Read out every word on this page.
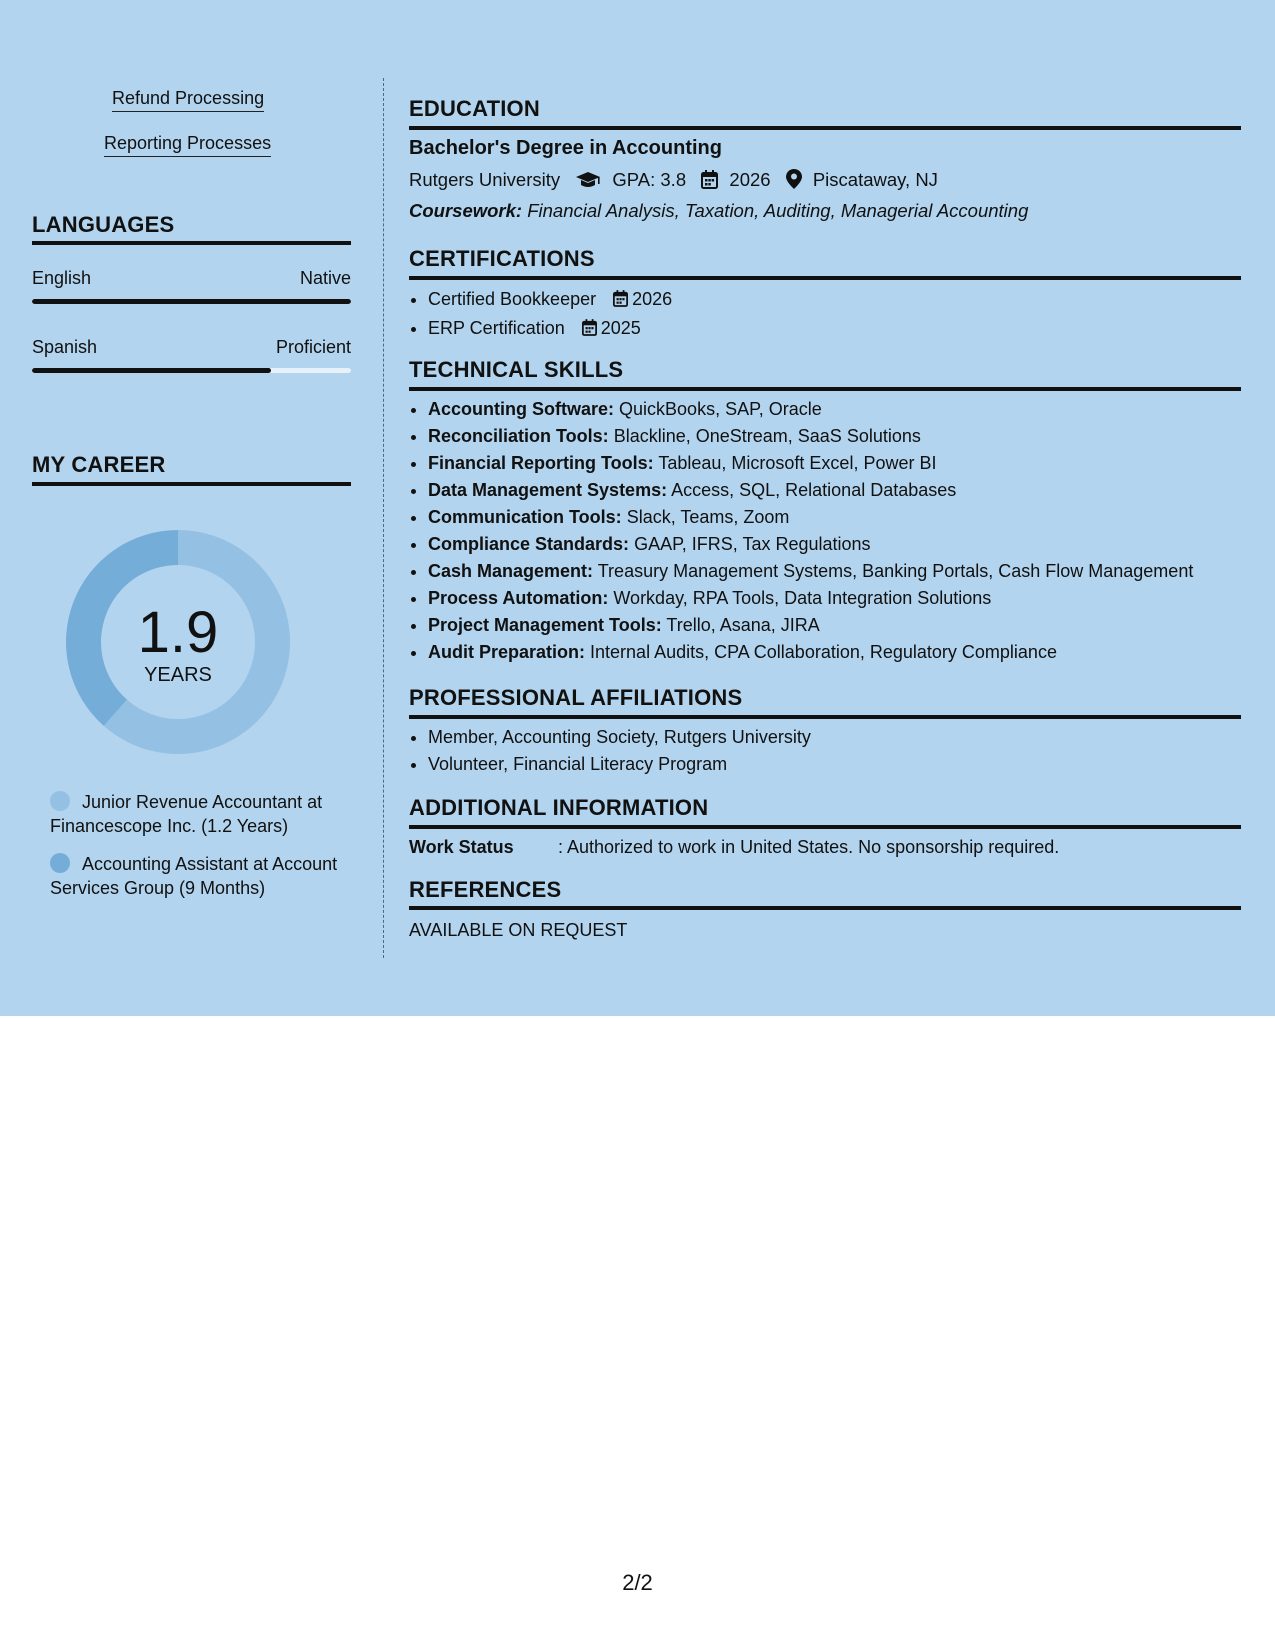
Refund Processing
Reporting Processes
LANGUAGES
English	Native
Spanish	Proficient
MY CAREER
1.9
YEARS
Junior Revenue Accountant at Financescope Inc. (1.2 Years)
Accounting Assistant at Account Services Group (9 Months)
EDUCATION
Bachelor's Degree in Accounting
Rutgers University	GPA: 3.8 2026 Piscataway, NJ
Coursework: Financial Analysis, Taxation, Auditing, Managerial Accounting
CERTIFICATIONS
• Certified Bookkeeper 2026
• ERP Certification 2025
TECHNICAL SKILLS
• Accounting Software: QuickBooks, SAP, Oracle
• Reconciliation Tools: Blackline, OneStream, SaaS Solutions
• Financial Reporting Tools: Tableau, Microsoft Excel, Power BI
• Data Management Systems: Access, SQL, Relational Databases
• Communication Tools: Slack, Teams, Zoom
• Compliance Standards: GAAP, IFRS, Tax Regulations
• Cash Management: Treasury Management Systems, Banking Portals, Cash Flow Management
• Process Automation: Workday, RPA Tools, Data Integration Solutions
• Project Management Tools: Trello, Asana, JIRA
• Audit Preparation: Internal Audits, CPA Collaboration, Regulatory Compliance
PROFESSIONAL AFFILIATIONS
• Member, Accounting Society, Rutgers University
• Volunteer, Financial Literacy Program
ADDITIONAL INFORMATION
Work Status : Authorized to work in United States. No sponsorship required.
REFERENCES
AVAILABLE ON REQUEST
2/2
